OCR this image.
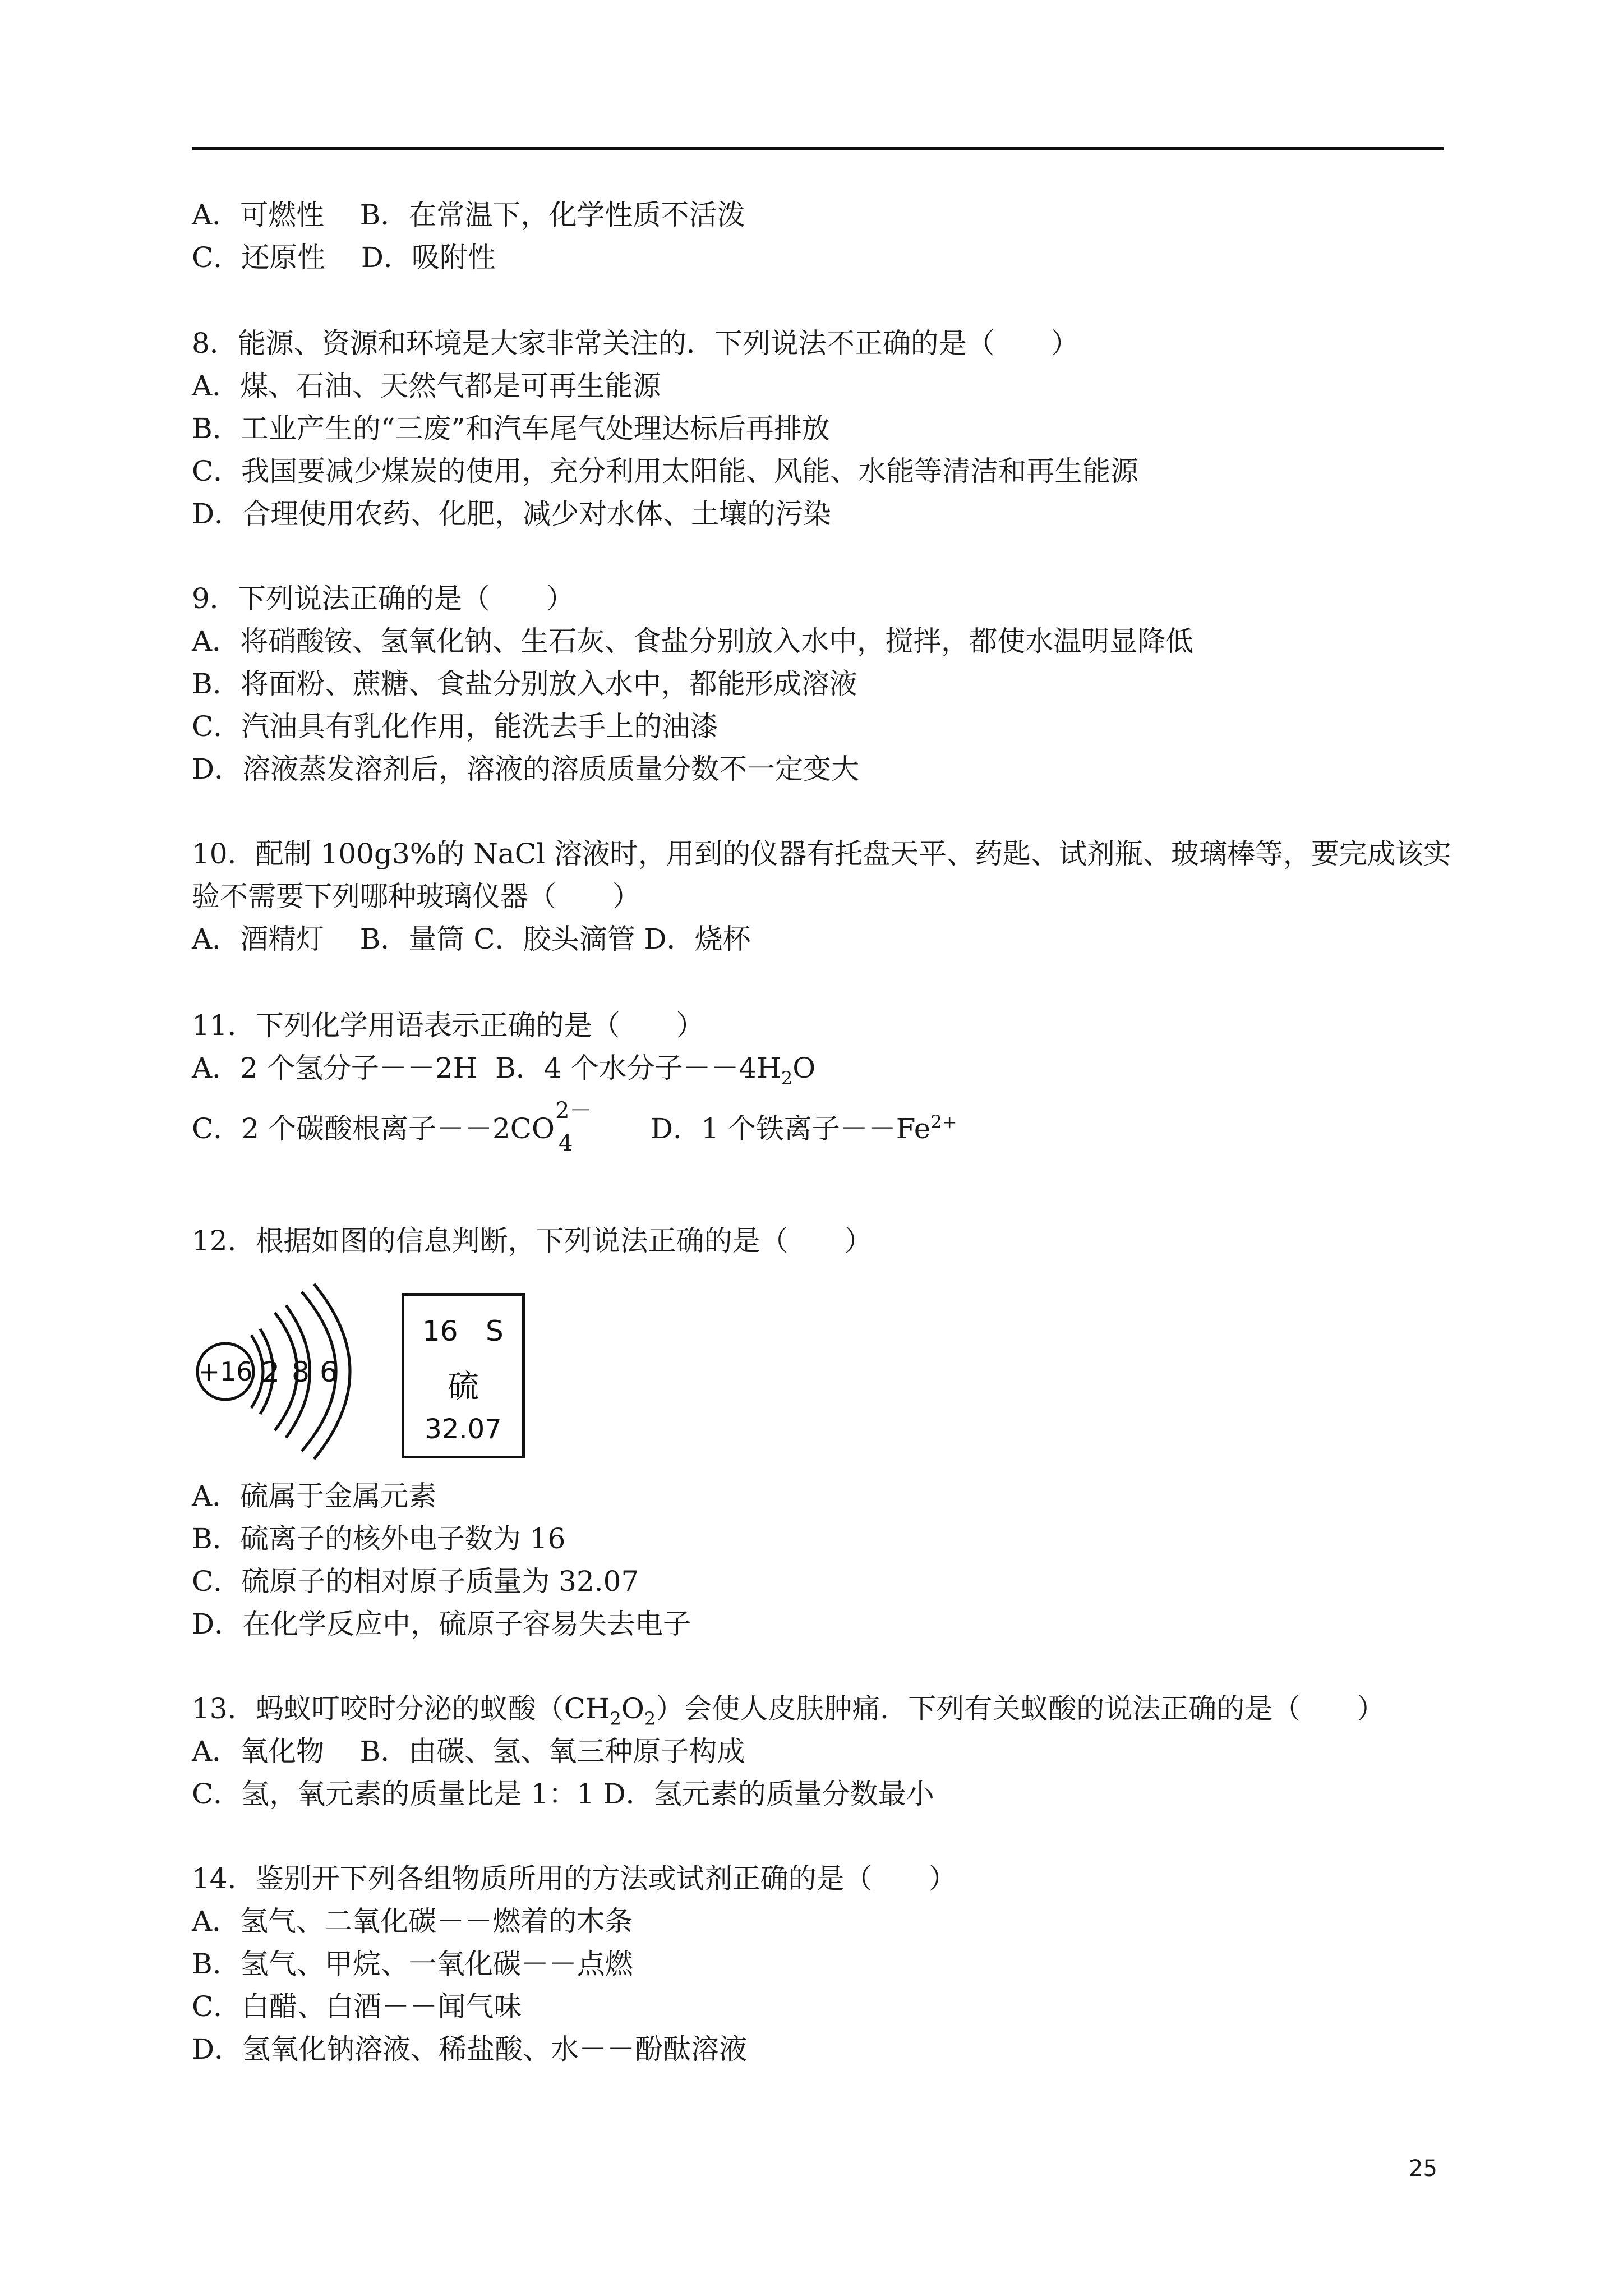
A．可燃性    B．在常温下，化学性质不活泼
C．还原性    D．吸附性
8．能源、资源和环境是大家非常关注的．下列说法不正确的是（　　）
A．煤、石油、天然气都是可再生能源
B．工业产生的“三废”和汽车尾气处理达标后再排放
C．我国要减少煤炭的使用，充分利用太阳能、风能、水能等清洁和再生能源
D．合理使用农药、化肥，减少对水体、土壤的污染
9．下列说法正确的是（　　）
A．将硝酸铵、氢氧化钠、生石灰、食盐分别放入水中，搅拌，都使水温明显降低
B．将面粉、蔗糖、食盐分别放入水中，都能形成溶液
C．汽油具有乳化作用，能洗去手上的油漆
D．溶液蒸发溶剂后，溶液的溶质质量分数不一定变大
10．配制 100g3%的 NaCl 溶液时，用到的仪器有托盘天平、药匙、试剂瓶、玻璃棒等，要完成该实
验不需要下列哪种玻璃仪器（　　）
A．酒精灯    B．量筒 C．胶头滴管 D．烧杯
11．下列化学用语表示正确的是（　　）
A．2 个氢分子－－2H  B．4 个水分子$--4H_2O$
C．2 个碳酸根离子－－2CO
2－
4	D．1 个铁离子$--Fe^{2+}$
12．根据如图的信息判断，下列说法正确的是（　　）
+16 2 8 6
16 S
硫
32.07
A．硫属于金属元素
B．硫离子的核外电子数为 16
C．硫原子的相对原子质量为 32.07
D．在化学反应中，硫原子容易失去电子
13．蚂蚁叮咬时分泌的蚁酸$(CH_2O_2)$会使人皮肤肿痛．下列有关蚁酸的说法正确的是（　　）
A．氧化物    B．由碳、氢、氧三种原子构成
C．氢，氧元素的质量比是 1：1 D．氢元素的质量分数最小
14．鉴别开下列各组物质所用的方法或试剂正确的是（　　）
A．氢气、二氧化碳－－燃着的木条
B．氢气、甲烷、一氧化碳－－点燃
C．白醋、白酒－－闻气味
D．氢氧化钠溶液、稀盐酸、水－－酚酞溶液
25
